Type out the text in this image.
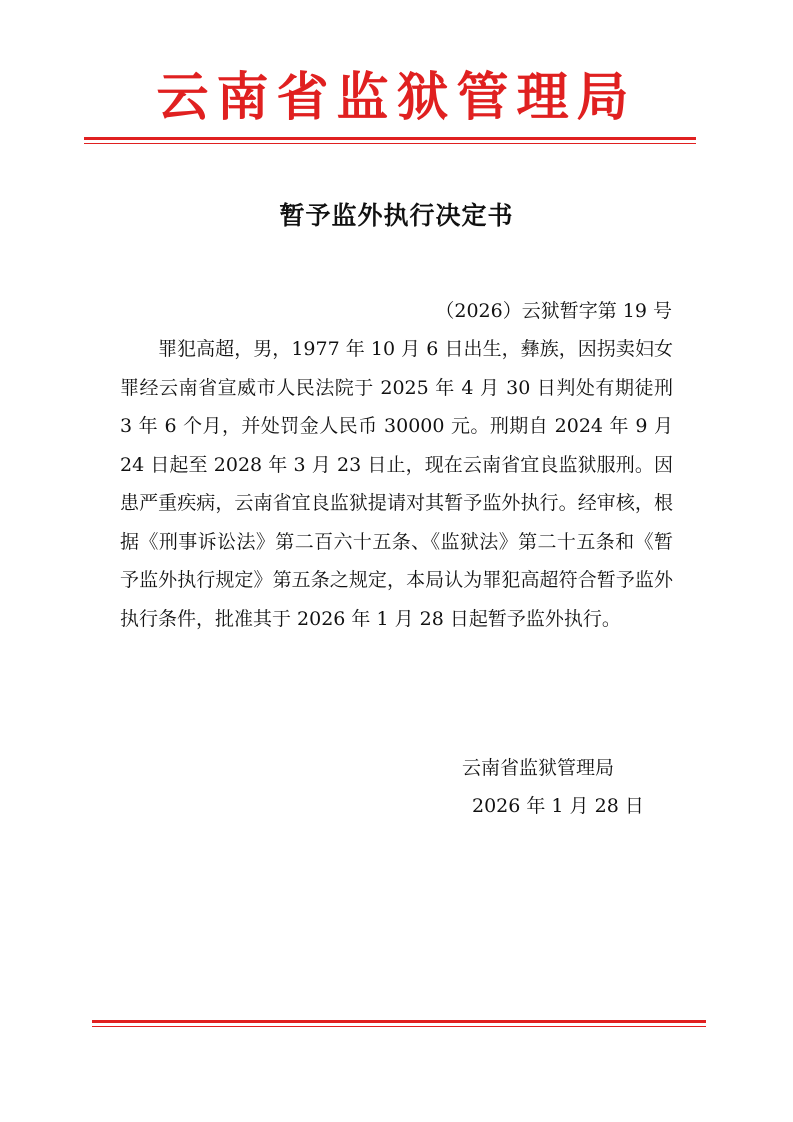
云南省监狱管理局
暂予监外执行决定书
（2026）云狱暂字第 19 号

罪犯高超，男，1977 年 10 月 6 日出生，彝族，因拐卖妇女罪经云南省宣威市人民法院于 2025 年 4 月 30 日判处有期徒刑 3 年 6 个月，并处罚金人民币 30000 元。刑期自 2024 年 9 月 24 日起至 2028 年 3 月 23 日止，现在云南省宜良监狱服刑。因患严重疾病，云南省宜良监狱提请对其暂予监外执行。经审核，根据《刑事诉讼法》第二百六十五条、《监狱法》第二十五条和《暂予监外执行规定》第五条之规定，本局认为罪犯高超符合暂予监外执行条件，批准其于 2026 年 1 月 28 日起暂予监外执行。

云南省监狱管理局
2026 年 1 月 28 日
